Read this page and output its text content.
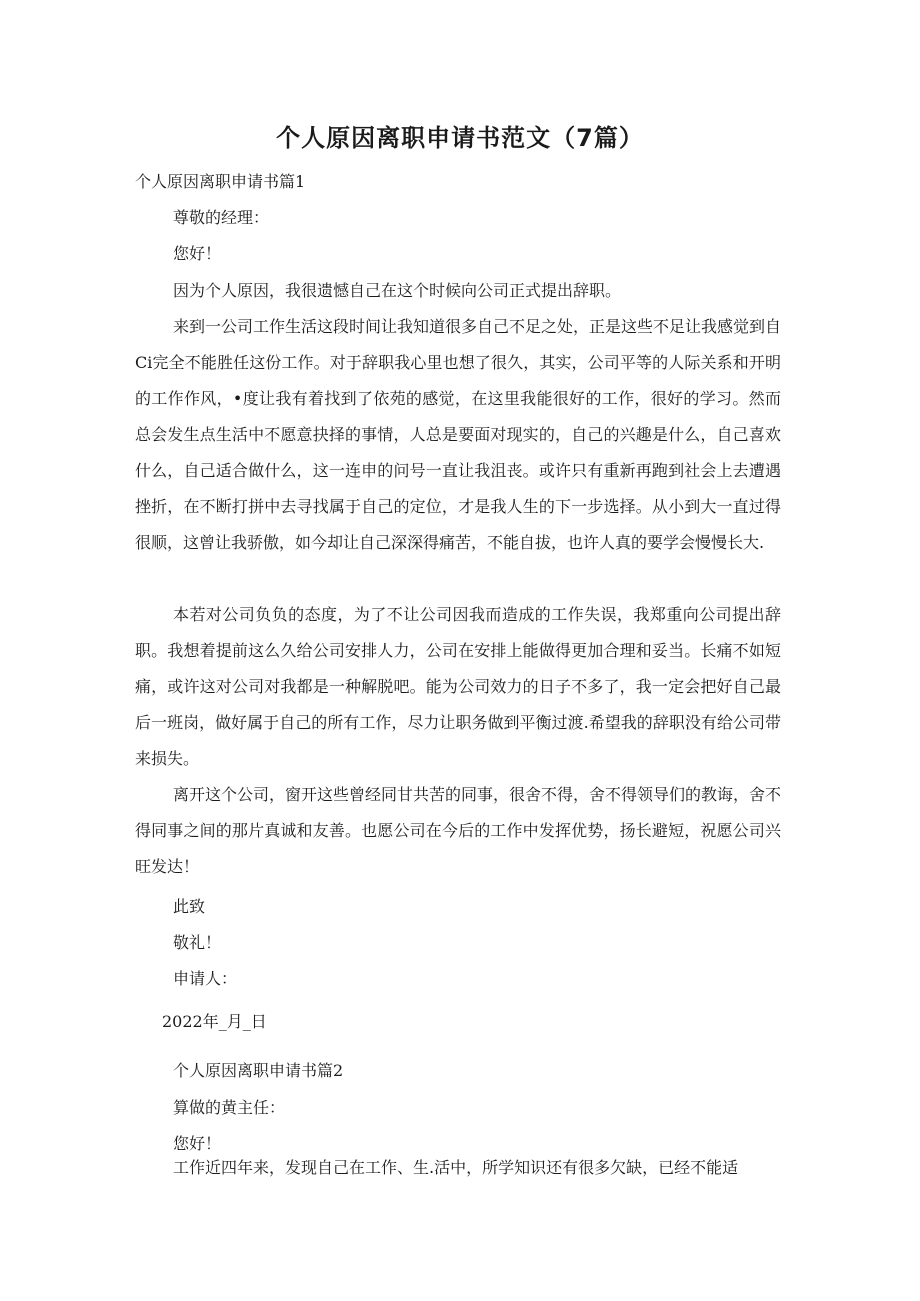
个人原因离职申请书范文（7篇）

个人原因离职申请书篇1

尊敬的经理：

您好！

因为个人原因，我很遗憾自己在这个时候向公司正式提出辞职。

来到一公司工作生活这段时间让我知道很多自己不足之处，正是这些不足让我感觉到自Ci完全不能胜任这份工作。对于辞职我心里也想了很久，其实，公司平等的人际关系和开明的工作作风，•度让我有着找到了依苑的感觉，在这里我能很好的工作，很好的学习。然而总会发生点生活中不愿意抉择的事情，人总是要面对现实的，自己的兴趣是什么，自己喜欢什么，自己适合做什么，这一连申的问号一直让我沮丧。或许只有重新再跑到社会上去遭遇挫折，在不断打拼中去寻找属于自己的定位，才是我人生的下一步选择。从小到大一直过得很顺，这曾让我骄傲，如今却让自己深深得痛苦，不能自拔，也许人真的要学会慢慢长大.

本若对公司负负的态度，为了不让公司因我而造成的工作失误，我郑重向公司提出辞职。我想着提前这么久给公司安排人力，公司在安排上能做得更加合理和妥当。长痛不如短痛，或许这对公司对我都是一种解脱吧。能为公司效力的日子不多了，我一定会把好自己最后一班岗，做好属于自己的所有工作，尽力让职务做到平衡过渡.希望我的辞职没有给公司带来损失。

离开这个公司，窗开这些曾经同甘共苦的同事，很舍不得，舍不得领导们的教诲，舍不得同事之间的那片真诚和友善。也愿公司在今后的工作中发挥优势，扬长避短，祝愿公司兴旺发达！

此致

敬礼！

申请人：

2022年_月_日

个人原因离职申请书篇2

算做的黄主任：

您好！

工作近四年来，发现自己在工作、生.活中，所学知识还有很多欠缺，已经不能适
